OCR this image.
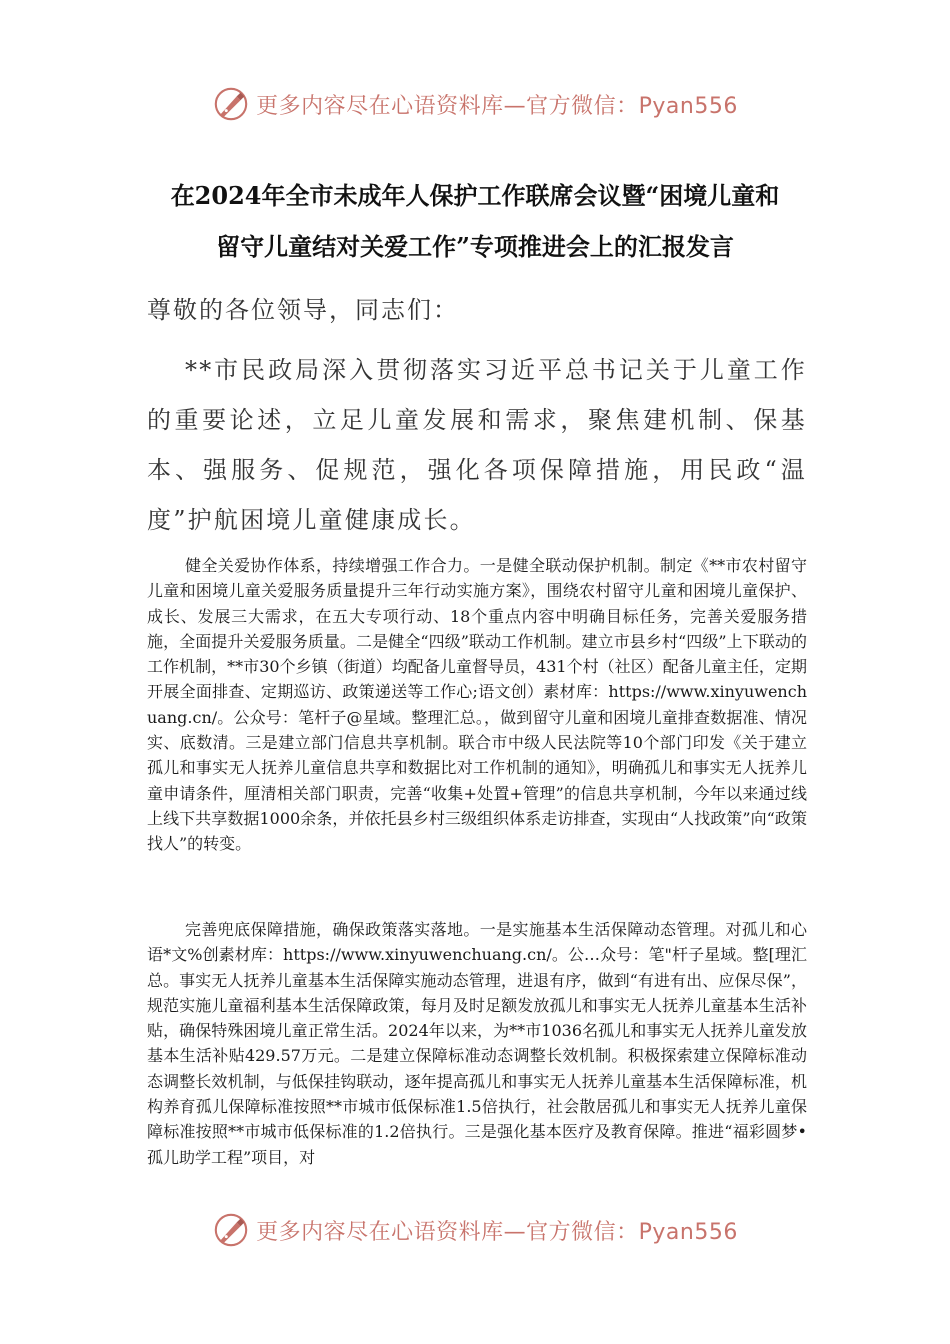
更多内容尽在心语资料库—官方微信：Pyan556
在2024年全市未成年人保护工作联席会议暨“困境儿童和
留守儿童结对关爱工作”专项推进会上的汇报发言
尊敬的各位领导，同志们：

**市民政局深入贯彻落实习近平总书记关于儿童工作的重要论述，立足儿童发展和需求，聚焦建机制、保基本、强服务、促规范，强化各项保障措施，用民政“温度”护航困境儿童健康成长。

健全关爱协作体系，持续增强工作合力。一是健全联动保护机制。制定《**市农村留守儿童和困境儿童关爱服务质量提升三年行动实施方案》，围绕农村留守儿童和困境儿童保护、成长、发展三大需求，在五大专项行动、18个重点内容中明确目标任务，完善关爱服务措施，全面提升关爱服务质量。二是健全“四级”联动工作机制。建立市县乡村“四级”上下联动的工作机制，**市30个乡镇（街道）均配备儿童督导员，431个村（社区）配备儿童主任，定期开展全面排查、定期巡访、政策递送等工作心;语文创）素材库：https://www.xinyuwenchuang.cn/。公众号：笔杆子@星域。整理汇总。，做到留守儿童和困境儿童排查数据准、情况实、底数清。三是建立部门信息共享机制。联合市中级人民法院等10个部门印发《关于建立孤儿和事实无人抚养儿童信息共享和数据比对工作机制的通知》，明确孤儿和事实无人抚养儿童申请条件，厘清相关部门职责，完善“收集+处置+管理”的信息共享机制，今年以来通过线上线下共享数据1000余条，并依托县乡村三级组织体系走访排查，实现由“人找政策”向“政策找人”的转变。

完善兜底保障措施，确保政策落实落地。一是实施基本生活保障动态管理。对孤儿和心语*文%创素材库：https://www.xinyuwenchuang.cn/。公…众号：笔"杆子星域。整[理汇总。事实无人抚养儿童基本生活保障实施动态管理，进退有序，做到“有进有出、应保尽保”，规范实施儿童福利基本生活保障政策，每月及时足额发放孤儿和事实无人抚养儿童基本生活补贴，确保特殊困境儿童正常生活。2024年以来，为**市1036名孤儿和事实无人抚养儿童发放基本生活补贴429.57万元。二是建立保障标准动态调整长效机制。积极探索建立保障标准动态调整长效机制，与低保挂钩联动，逐年提高孤儿和事实无人抚养儿童基本生活保障标准，机构养育孤儿保障标准按照**市城市低保标准1.5倍执行，社会散居孤儿和事实无人抚养儿童保障标准按照**市城市低保标准的1.2倍执行。三是强化基本医疗及教育保障。推进“福彩圆梦•孤儿助学工程”项目，对

更多内容尽在心语资料库—官方微信：Pyan556
